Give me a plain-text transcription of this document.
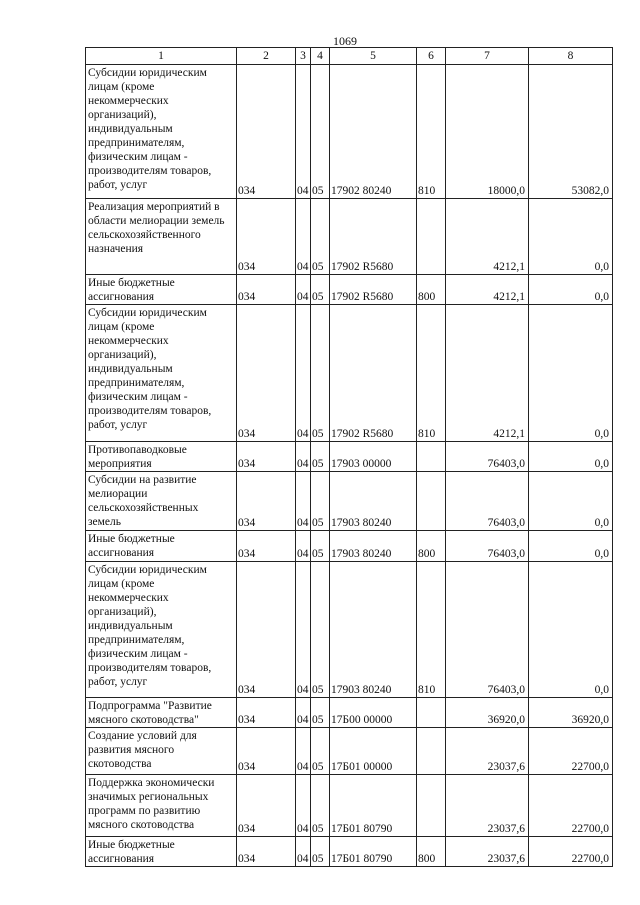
1069
1	2	3	4	5	6	7	8
Субсидии юридическим лицам (кроме некоммерческих организаций), индивидуальным предпринимателям, физическим лицам - производителям товаров, работ, услуг	034	04	05	17902 80240	810	18000,0	53082,0
Реализация мероприятий в области мелиорации земель сельскохозяйственного назначения	034	04	05	17902 R5680		4212,1	0,0
Иные бюджетные ассигнования	034	04	05	17902 R5680	800	4212,1	0,0
Субсидии юридическим лицам (кроме некоммерческих организаций), индивидуальным предпринимателям, физическим лицам - производителям товаров, работ, услуг	034	04	05	17902 R5680	810	4212,1	0,0
Противопаводковые мероприятия	034	04	05	17903 00000		76403,0	0,0
Субсидии на развитие мелиорации сельскохозяйственных земель	034	04	05	17903 80240		76403,0	0,0
Иные бюджетные ассигнования	034	04	05	17903 80240	800	76403,0	0,0
Субсидии юридическим лицам (кроме некоммерческих организаций), индивидуальным предпринимателям, физическим лицам - производителям товаров, работ, услуг	034	04	05	17903 80240	810	76403,0	0,0
Подпрограмма "Развитие мясного скотоводства"	034	04	05	17Б00 00000		36920,0	36920,0
Создание условий для развития мясного скотоводства	034	04	05	17Б01 00000		23037,6	22700,0
Поддержка экономически значимых региональных программ по развитию мясного скотоводства	034	04	05	17Б01 80790		23037,6	22700,0
Иные бюджетные ассигнования	034	04	05	17Б01 80790	800	23037,6	22700,0
